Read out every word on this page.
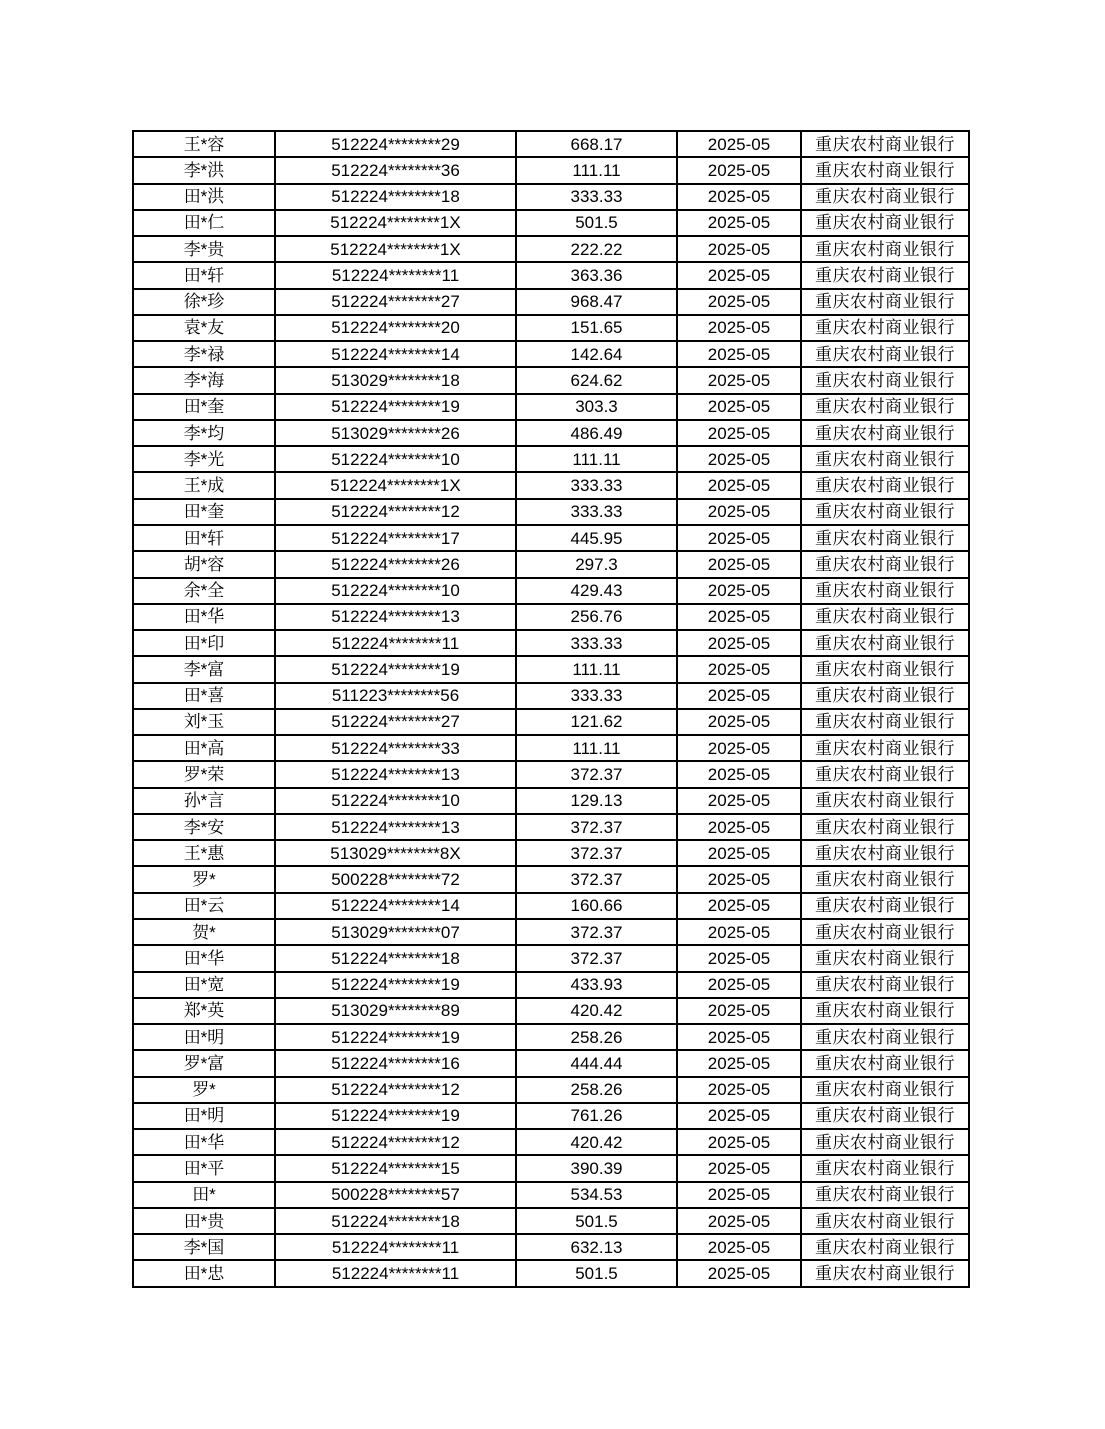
王*容	512224********29	668.17	2025-05	重庆农村商业银行
李*洪	512224********36	111.11	2025-05	重庆农村商业银行
田*洪	512224********18	333.33	2025-05	重庆农村商业银行
田*仁	512224********1X	501.5	2025-05	重庆农村商业银行
李*贵	512224********1X	222.22	2025-05	重庆农村商业银行
田*轩	512224********11	363.36	2025-05	重庆农村商业银行
徐*珍	512224********27	968.47	2025-05	重庆农村商业银行
袁*友	512224********20	151.65	2025-05	重庆农村商业银行
李*禄	512224********14	142.64	2025-05	重庆农村商业银行
李*海	513029********18	624.62	2025-05	重庆农村商业银行
田*奎	512224********19	303.3	2025-05	重庆农村商业银行
李*均	513029********26	486.49	2025-05	重庆农村商业银行
李*光	512224********10	111.11	2025-05	重庆农村商业银行
王*成	512224********1X	333.33	2025-05	重庆农村商业银行
田*奎	512224********12	333.33	2025-05	重庆农村商业银行
田*轩	512224********17	445.95	2025-05	重庆农村商业银行
胡*容	512224********26	297.3	2025-05	重庆农村商业银行
余*全	512224********10	429.43	2025-05	重庆农村商业银行
田*华	512224********13	256.76	2025-05	重庆农村商业银行
田*印	512224********11	333.33	2025-05	重庆农村商业银行
李*富	512224********19	111.11	2025-05	重庆农村商业银行
田*喜	511223********56	333.33	2025-05	重庆农村商业银行
刘*玉	512224********27	121.62	2025-05	重庆农村商业银行
田*高	512224********33	111.11	2025-05	重庆农村商业银行
罗*荣	512224********13	372.37	2025-05	重庆农村商业银行
孙*言	512224********10	129.13	2025-05	重庆农村商业银行
李*安	512224********13	372.37	2025-05	重庆农村商业银行
王*惠	513029********8X	372.37	2025-05	重庆农村商业银行
罗*	500228********72	372.37	2025-05	重庆农村商业银行
田*云	512224********14	160.66	2025-05	重庆农村商业银行
贺*	513029********07	372.37	2025-05	重庆农村商业银行
田*华	512224********18	372.37	2025-05	重庆农村商业银行
田*宽	512224********19	433.93	2025-05	重庆农村商业银行
郑*英	513029********89	420.42	2025-05	重庆农村商业银行
田*明	512224********19	258.26	2025-05	重庆农村商业银行
罗*富	512224********16	444.44	2025-05	重庆农村商业银行
罗*	512224********12	258.26	2025-05	重庆农村商业银行
田*明	512224********19	761.26	2025-05	重庆农村商业银行
田*华	512224********12	420.42	2025-05	重庆农村商业银行
田*平	512224********15	390.39	2025-05	重庆农村商业银行
田*	500228********57	534.53	2025-05	重庆农村商业银行
田*贵	512224********18	501.5	2025-05	重庆农村商业银行
李*国	512224********11	632.13	2025-05	重庆农村商业银行
田*忠	512224********11	501.5	2025-05	重庆农村商业银行
